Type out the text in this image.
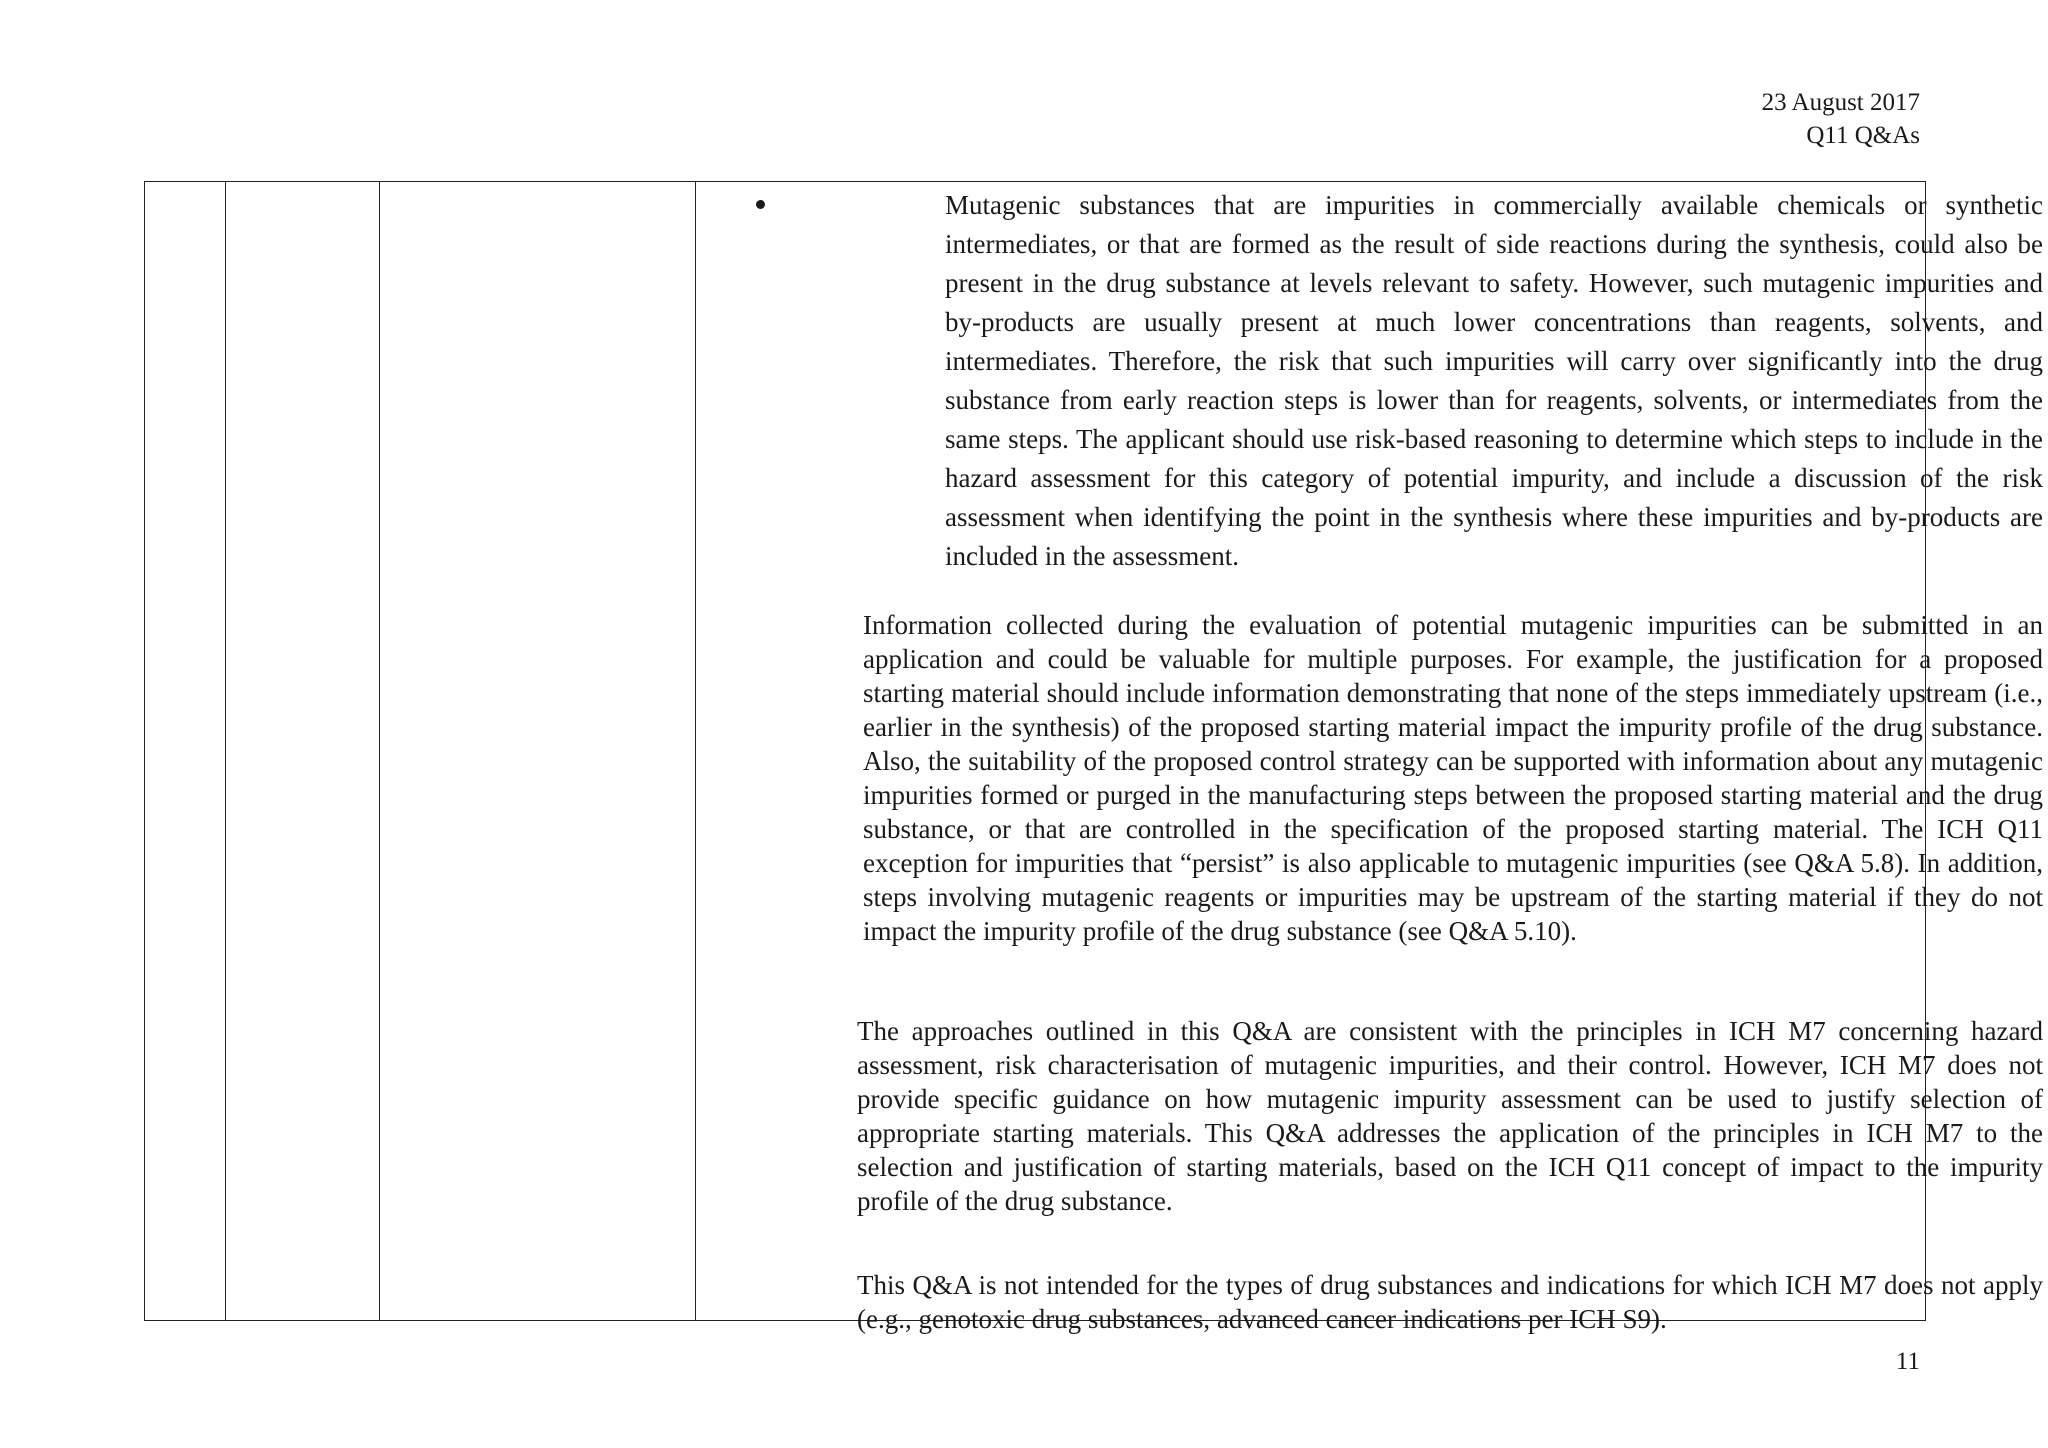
23 August 2017
Q11 Q&As
Mutagenic substances that are impurities in commercially available chemicals or synthetic intermediates, or that are formed as the result of side reactions during the synthesis, could also be present in the drug substance at levels relevant to safety. However, such mutagenic impurities and by-products are usually present at much lower concentrations than reagents, solvents, and intermediates. Therefore, the risk that such impurities will carry over significantly into the drug substance from early reaction steps is lower than for reagents, solvents, or intermediates from the same steps. The applicant should use risk-based reasoning to determine which steps to include in the hazard assessment for this category of potential impurity, and include a discussion of the risk assessment when identifying the point in the synthesis where these impurities and by-products are included in the assessment.
Information collected during the evaluation of potential mutagenic impurities can be submitted in an application and could be valuable for multiple purposes. For example, the justification for a proposed starting material should include information demonstrating that none of the steps immediately upstream (i.e., earlier in the synthesis) of the proposed starting material impact the impurity profile of the drug substance. Also, the suitability of the proposed control strategy can be supported with information about any mutagenic impurities formed or purged in the manufacturing steps between the proposed starting material and the drug substance, or that are controlled in the specification of the proposed starting material. The ICH Q11 exception for impurities that “persist” is also applicable to mutagenic impurities (see Q&A 5.8). In addition, steps involving mutagenic reagents or impurities may be upstream of the starting material if they do not impact the impurity profile of the drug substance (see Q&A 5.10).
The approaches outlined in this Q&A are consistent with the principles in ICH M7 concerning hazard assessment, risk characterisation of mutagenic impurities, and their control. However, ICH M7 does not provide specific guidance on how mutagenic impurity assessment can be used to justify selection of appropriate starting materials. This Q&A addresses the application of the principles in ICH M7 to the selection and justification of starting materials, based on the ICH Q11 concept of impact to the impurity profile of the drug substance.
This Q&A is not intended for the types of drug substances and indications for which ICH M7 does not apply (e.g., genotoxic drug substances, advanced cancer indications per ICH S9).
11
